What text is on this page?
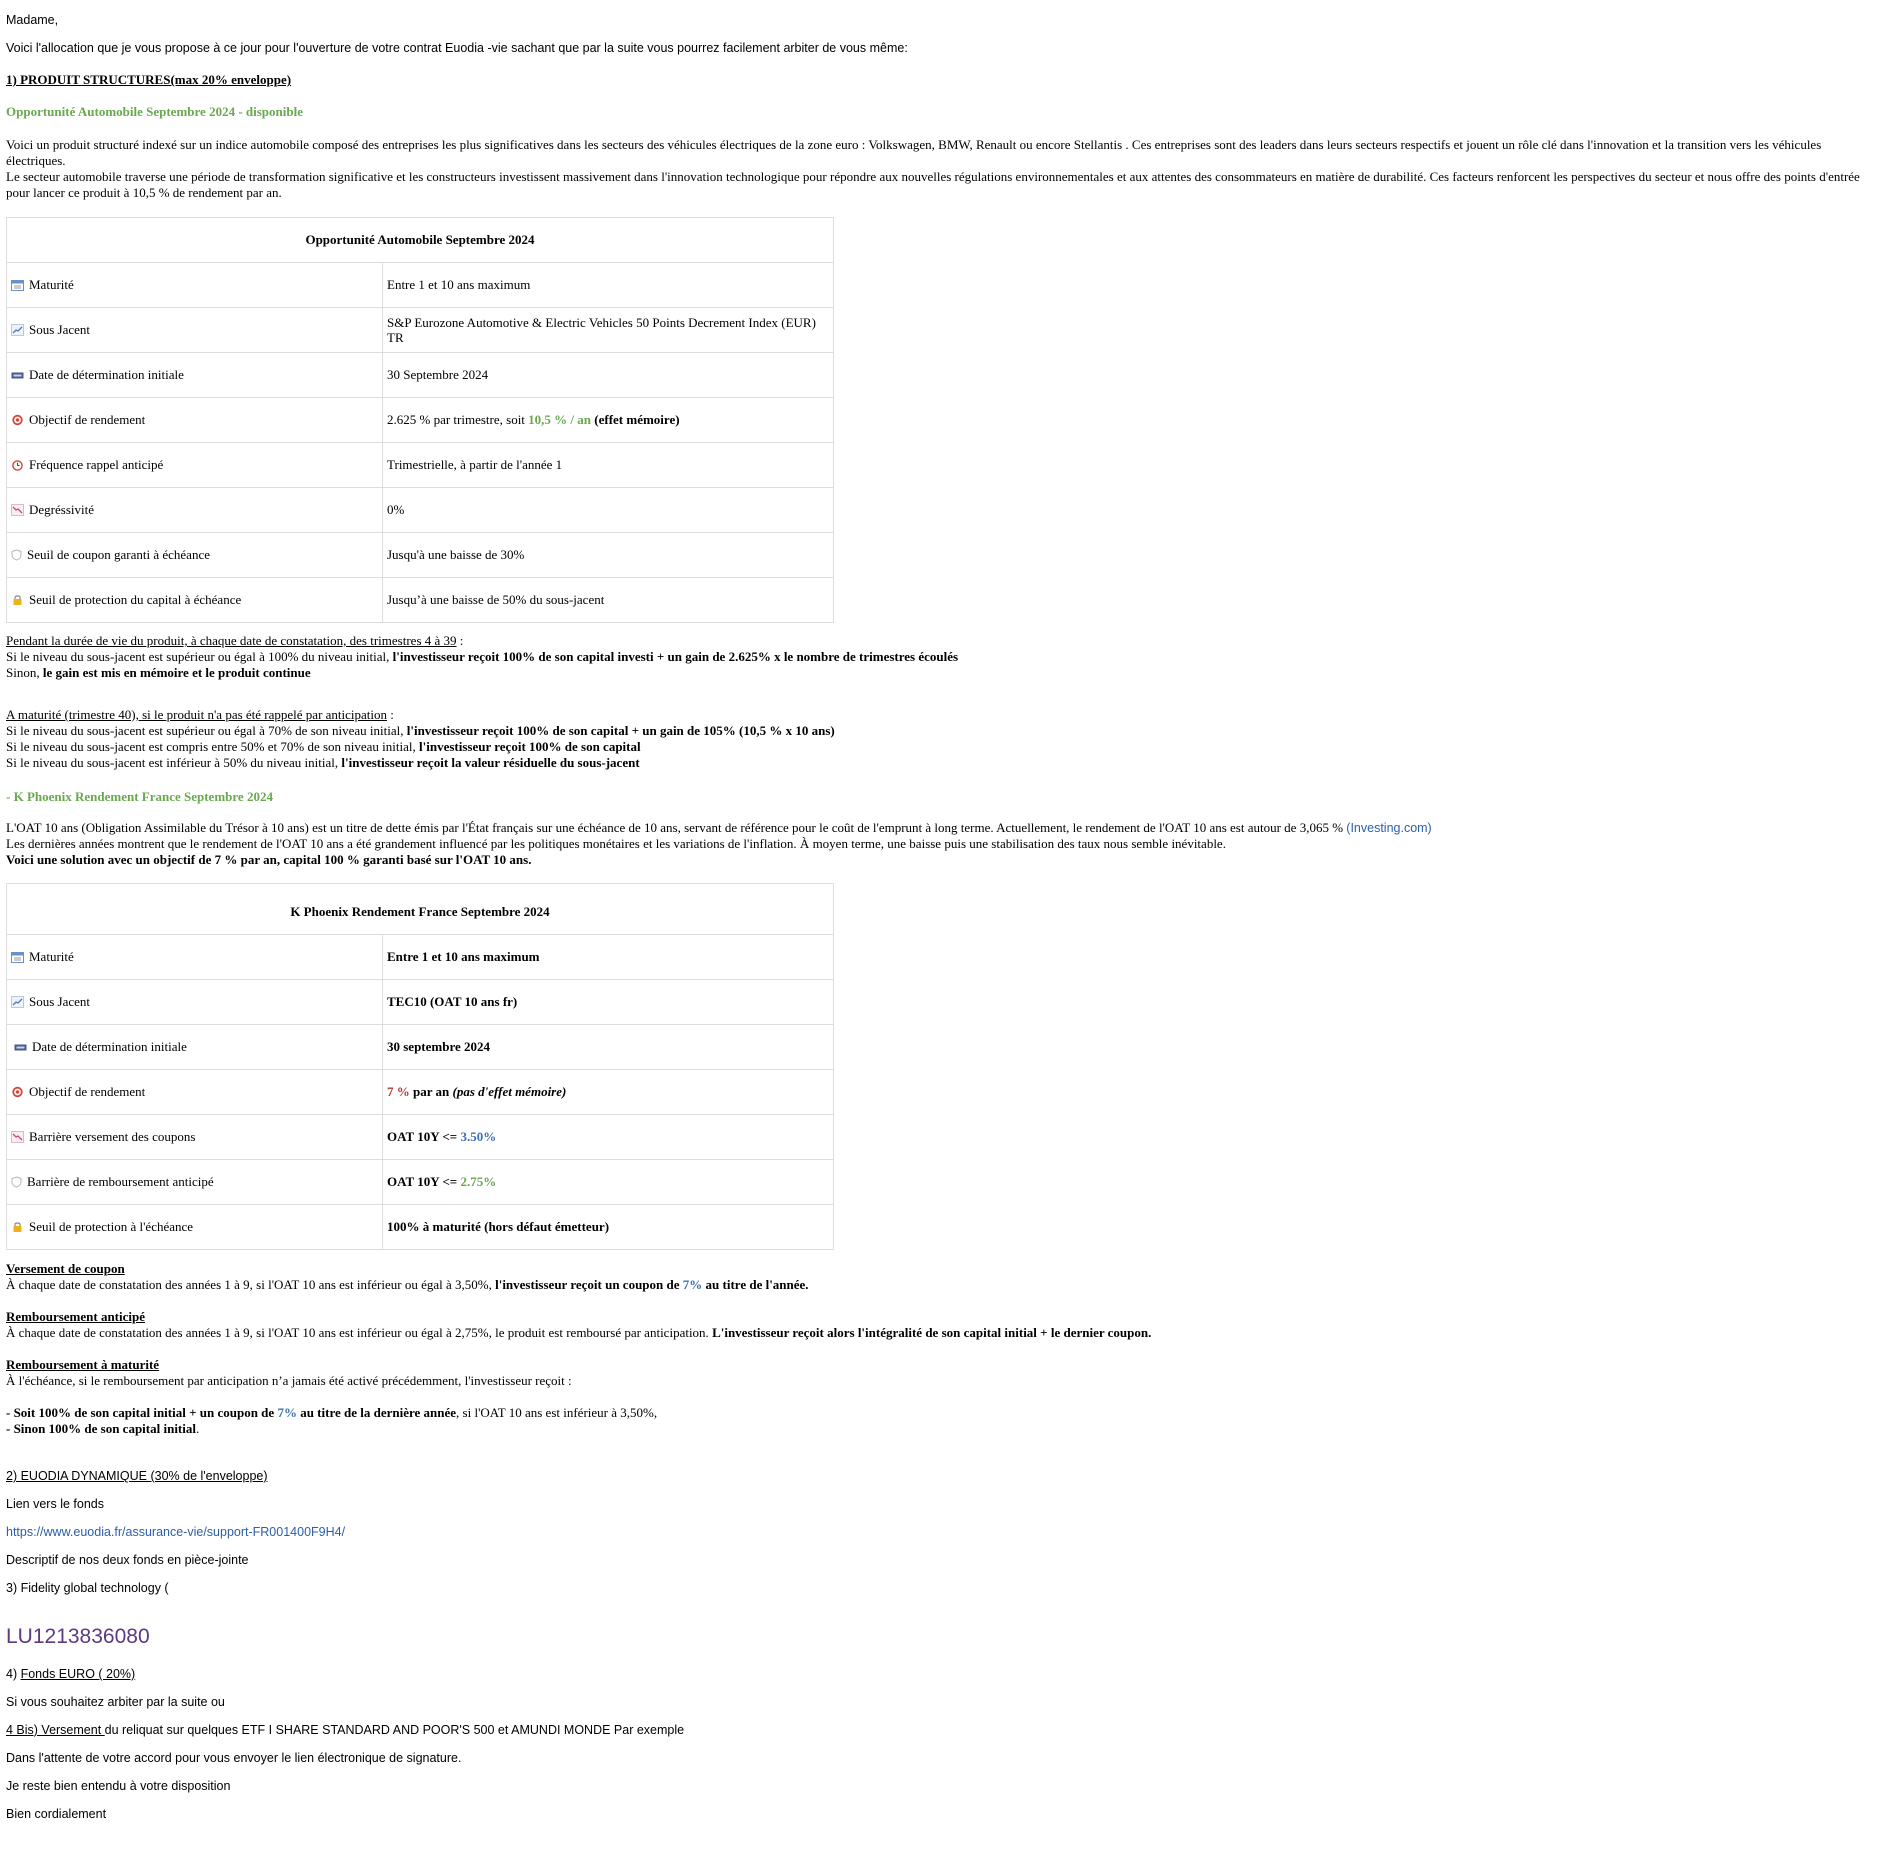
Madame,

Voici l'allocation que je vous propose à ce jour pour l'ouverture de votre contrat Euodia -vie sachant que par la suite vous pourrez facilement arbiter de vous même:

1) PRODUIT STRUCTURES(max 20% enveloppe)

Opportunité Automobile Septembre 2024 - disponible

Voici un produit structuré indexé sur un indice automobile composé des entreprises les plus significatives dans les secteurs des véhicules électriques de la zone euro : Volkswagen, BMW, Renault ou encore Stellantis . Ces entreprises sont des leaders dans leurs secteurs respectifs et jouent un rôle clé dans l'innovation et la transition vers les véhicules électriques.

Le secteur automobile traverse une période de transformation significative et les constructeurs investissent massivement dans l'innovation technologique pour répondre aux nouvelles régulations environnementales et aux attentes des consommateurs en matière de durabilité. Ces facteurs renforcent les perspectives du secteur et nous offre des points d'entrée pour lancer ce produit à 10,5 % de rendement par an.

Opportunité Automobile Septembre 2024	
Maturité	Entre 1 et 10 ans maximum
Sous Jacent	S&P Eurozone Automotive & Electric Vehicles 50 Points Decrement Index (EUR) TR
Date de détermination initiale	30 Septembre 2024
Objectif de rendement	2.625 % par trimestre, soit 10,5 % / an (effet mémoire)
Fréquence rappel anticipé	Trimestrielle, à partir de l'année 1
Degréssivité	0%
Seuil de coupon garanti à échéance	Jusqu'à une baisse de 30%
Seuil de protection du capital à échéance	Jusqu’à une baisse de 50% du sous-jacent

Pendant la durée de vie du produit, à chaque date de constatation, des trimestres 4 à 39 :

Si le niveau du sous-jacent est supérieur ou égal à 100% du niveau initial, l'investisseur reçoit 100% de son capital investi + un gain de 2.625% x le nombre de trimestres écoulés

Sinon, le gain est mis en mémoire et le produit continue

A maturité (trimestre 40), si le produit n'a pas été rappelé par anticipation :

Si le niveau du sous-jacent est supérieur ou égal à 70% de son niveau initial, l'investisseur reçoit 100% de son capital + un gain de 105% (10,5 % x 10 ans)

Si le niveau du sous-jacent est compris entre 50% et 70% de son niveau initial, l'investisseur reçoit 100% de son capital

Si le niveau du sous-jacent est inférieur à 50% du niveau initial, l'investisseur reçoit la valeur résiduelle du sous-jacent

- K Phoenix Rendement France Septembre 2024

L'OAT 10 ans (Obligation Assimilable du Trésor à 10 ans) est un titre de dette émis par l'État français sur une échéance de 10 ans, servant de référence pour le coût de l'emprunt à long terme. Actuellement, le rendement de l'OAT 10 ans est autour de 3,065 % (Investing.com)

Les dernières années montrent que le rendement de l'OAT 10 ans a été grandement influencé par les politiques monétaires et les variations de l'inflation. À moyen terme, une baisse puis une stabilisation des taux nous semble inévitable.

Voici une solution avec un objectif de 7 % par an, capital 100 % garanti basé sur l'OAT 10 ans.

K Phoenix Rendement France Septembre 2024	
Maturité	Entre 1 et 10 ans maximum
Sous Jacent	TEC10 (OAT 10 ans fr)
Date de détermination initiale	30 septembre 2024
Objectif de rendement	7 % par an (pas d'effet mémoire)
Barrière versement des coupons	OAT 10Y <= 3.50%
Barrière de remboursement anticipé	OAT 10Y <= 2.75%
Seuil de protection à l'échéance	100% à maturité (hors défaut émetteur)

Versement de coupon

À chaque date de constatation des années 1 à 9, si l'OAT 10 ans est inférieur ou égal à 3,50%, l'investisseur reçoit un coupon de 7% au titre de l'année.

Remboursement anticipé

À chaque date de constatation des années 1 à 9, si l'OAT 10 ans est inférieur ou égal à 2,75%, le produit est remboursé par anticipation. L'investisseur reçoit alors l'intégralité de son capital initial + le dernier coupon.

Remboursement à maturité

À l'échéance, si le remboursement par anticipation n’a jamais été activé précédemment, l'investisseur reçoit :

- Soit 100% de son capital initial + un coupon de 7% au titre de la dernière année, si l'OAT 10 ans est inférieur à 3,50%,

- Sinon 100% de son capital initial.

2) EUODIA DYNAMIQUE (30% de l'enveloppe)

Lien vers le fonds

https://www.euodia.fr/assurance-vie/support-FR001400F9H4/

Descriptif de nos deux fonds en pièce-jointe

3) Fidelity global technology (

LU1213836080

4) Fonds EURO ( 20%)

Si vous souhaitez arbiter par la suite ou

4 Bis) Versement du reliquat sur quelques ETF I SHARE STANDARD AND POOR'S 500 et AMUNDI MONDE Par exemple

Dans l'attente de votre accord pour vous envoyer le lien électronique de signature.

Je reste bien entendu à votre disposition

Bien cordialement
